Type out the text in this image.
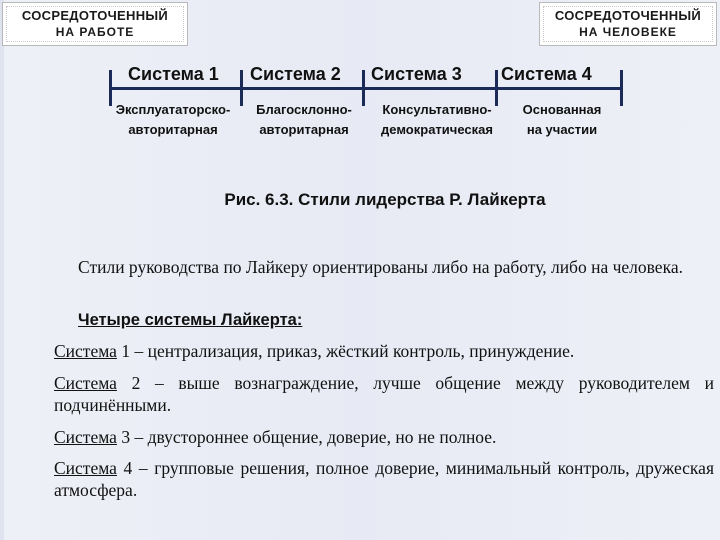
СОСРЕДОТОЧЕННЫЙ
НА РАБОТЕ
СОСРЕДОТОЧЕННЫЙ
НА ЧЕЛОВЕКЕ
Система 1 Система 2 Система 3 Система 4
Эксплуататорско-
авторитарная
Благосклонно-
авторитарная
Консультативно-
демократическая
Основанная
на участии
Рис. 6.3. Стили лидерства Р. Лайкерта
Стили руководства по Лайкеру ориентированы либо на работу, либо на человека.
Четыре системы Лайкерта:
Система 1 – централизация, приказ, жёсткий контроль, принуждение.
Система 2 – выше вознаграждение, лучше общение между руководителем и подчинёнными.
Система 3 – двустороннее общение, доверие, но не полное.
Система 4 – групповые решения, полное доверие, минимальный контроль, дружеская атмосфера.
